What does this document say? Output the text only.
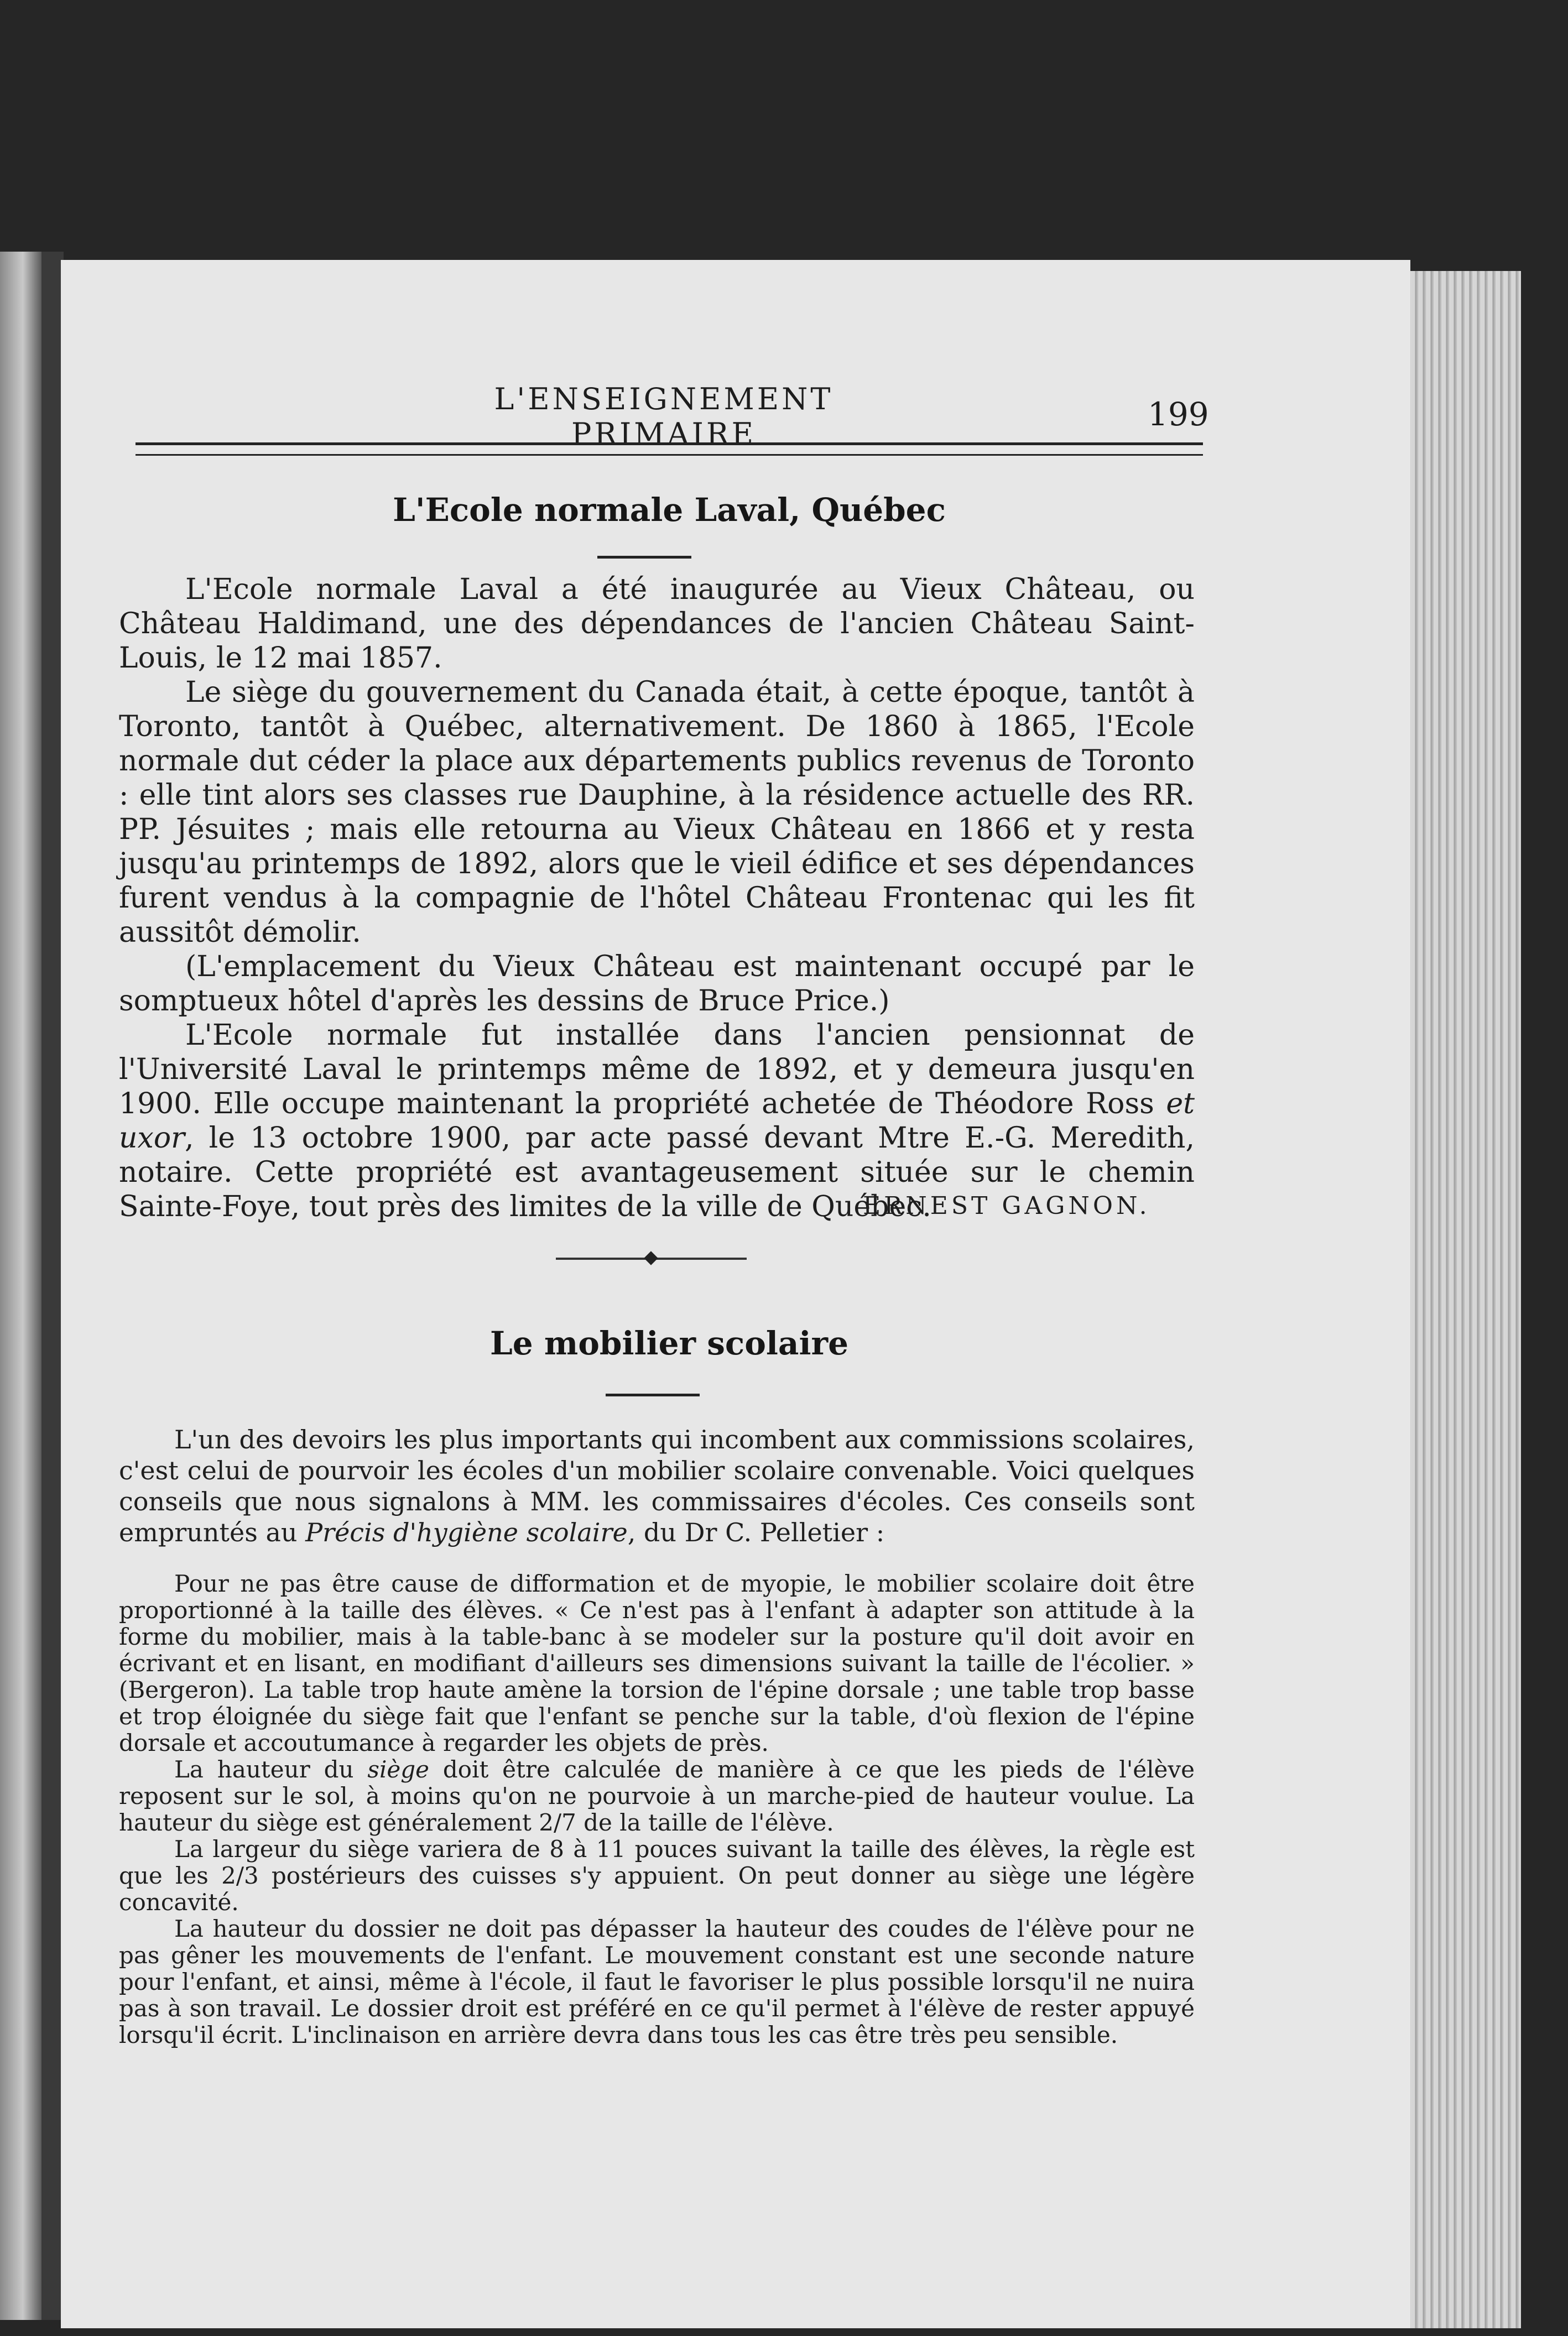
L'ENSEIGNEMENT PRIMAIRE
199
L'Ecole normale Laval, Québec

L'Ecole normale Laval a été inaugurée au Vieux Château, ou Château Haldimand, une des dépendances de l'ancien Château Saint-Louis, le 12 mai 1857.

Le siège du gouvernement du Canada était, à cette époque, tantôt à Toronto, tantôt à Québec, alternativement. De 1860 à 1865, l'Ecole normale dut céder la place aux départements publics revenus de Toronto : elle tint alors ses classes rue Dauphine, à la résidence actuelle des RR. PP. Jésuites ; mais elle retourna au Vieux Château en 1866 et y resta jusqu'au printemps de 1892, alors que le vieil édifice et ses dépendances furent vendus à la compagnie de l'hôtel Château Frontenac qui les fit aussitôt démolir.

(L'emplacement du Vieux Château est maintenant occupé par le somptueux hôtel d'après les dessins de Bruce Price.)

L'Ecole normale fut installée dans l'ancien pensionnat de l'Université Laval le printemps même de 1892, et y demeura jusqu'en 1900. Elle occupe maintenant la propriété achetée de Théodore Ross et uxor, le 13 octobre 1900, par acte passé devant Mtre E.-G. Meredith, notaire. Cette propriété est avantageusement située sur le chemin Sainte-Foye, tout près des limites de la ville de Québec.

ERNEST GAGNON.
Le mobilier scolaire

L'un des devoirs les plus importants qui incombent aux commissions scolaires, c'est celui de pourvoir les écoles d'un mobilier scolaire convenable. Voici quelques conseils que nous signalons à MM. les commissaires d'écoles. Ces conseils sont empruntés au Précis d'hygiène scolaire, du Dr C. Pelletier :

Pour ne pas être cause de difformation et de myopie, le mobilier scolaire doit être proportionné à la taille des élèves. « Ce n'est pas à l'enfant à adapter son attitude à la forme du mobilier, mais à la table-banc à se modeler sur la posture qu'il doit avoir en écrivant et en lisant, en modifiant d'ailleurs ses dimensions suivant la taille de l'écolier. » (Bergeron). La table trop haute amène la torsion de l'épine dorsale ; une table trop basse et trop éloignée du siège fait que l'enfant se penche sur la table, d'où flexion de l'épine dorsale et accoutumance à regarder les objets de près.

La hauteur du siège doit être calculée de manière à ce que les pieds de l'élève reposent sur le sol, à moins qu'on ne pourvoie à un marche-pied de hauteur voulue. La hauteur du siège est généralement 2/7 de la taille de l'élève.

La largeur du siège variera de 8 à 11 pouces suivant la taille des élèves, la règle est que les 2/3 postérieurs des cuisses s'y appuient. On peut donner au siège une légère concavité.

La hauteur du dossier ne doit pas dépasser la hauteur des coudes de l'élève pour ne pas gêner les mouvements de l'enfant. Le mouvement constant est une seconde nature pour l'enfant, et ainsi, même à l'école, il faut le favoriser le plus possible lorsqu'il ne nuira pas à son travail. Le dossier droit est préféré en ce qu'il permet à l'élève de rester appuyé lorsqu'il écrit. L'inclinaison en arrière devra dans tous les cas être très peu sensible.
